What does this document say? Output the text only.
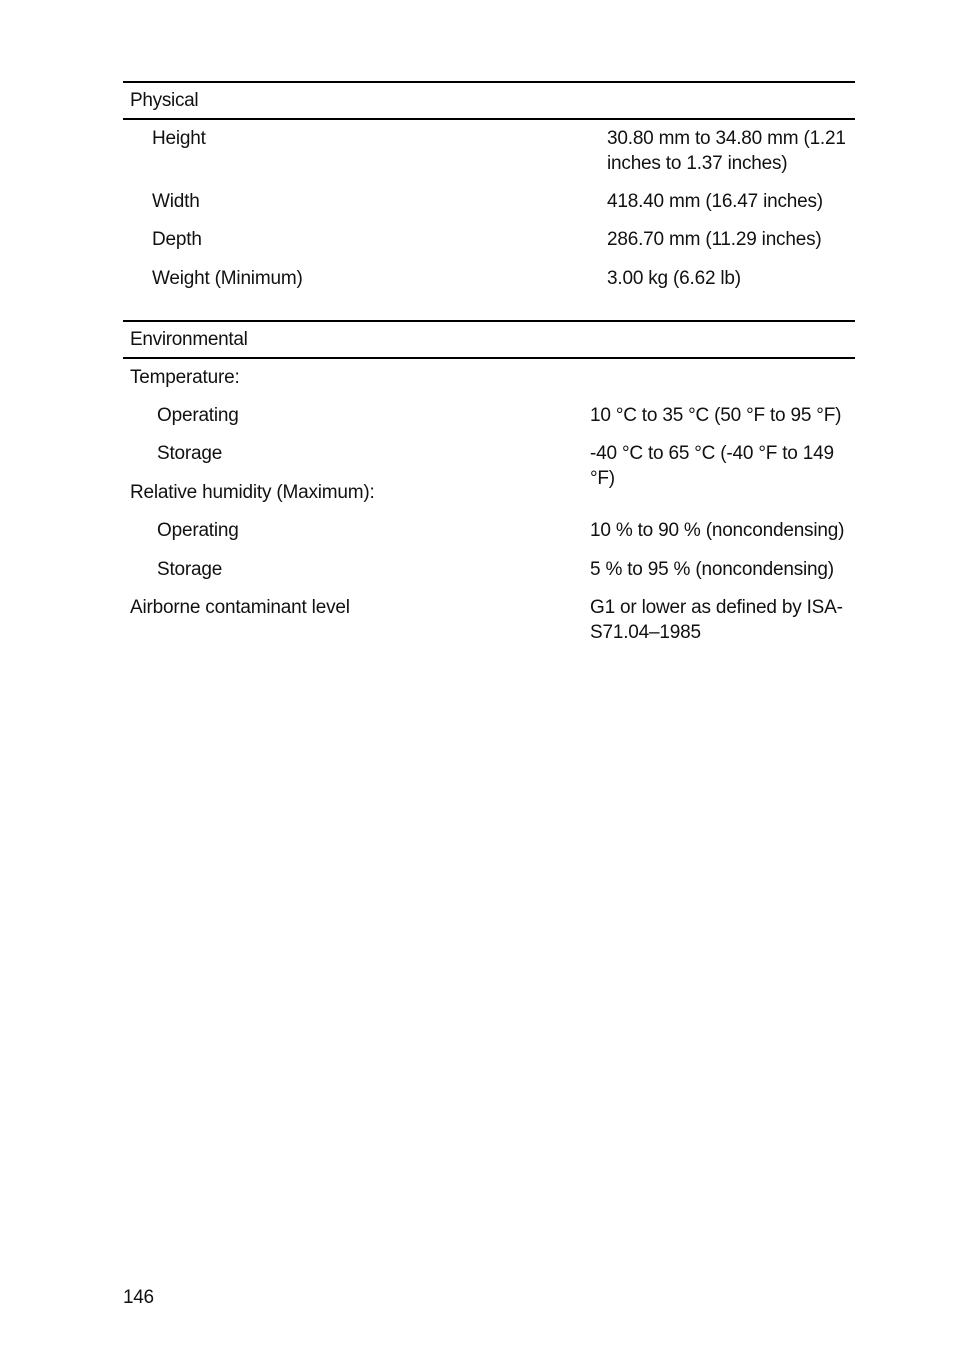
Physical
Height	30.80 mm to 34.80 mm (1.21 inches to 1.37 inches)
Width	418.40 mm (16.47 inches)
Depth	286.70 mm (11.29 inches)
Weight (Minimum)	3.00 kg (6.62 lb)
Environmental
Temperature:
Operating	10 °C to 35 °C (50 °F to 95 °F)
Storage	-40 °C to 65 °C (-40 °F to 149 °F)
Relative humidity (Maximum):
Operating	10 % to 90 % (noncondensing)
Storage	5 % to 95 % (noncondensing)
Airborne contaminant level	G1 or lower as defined by ISA-S71.04–1985
146
